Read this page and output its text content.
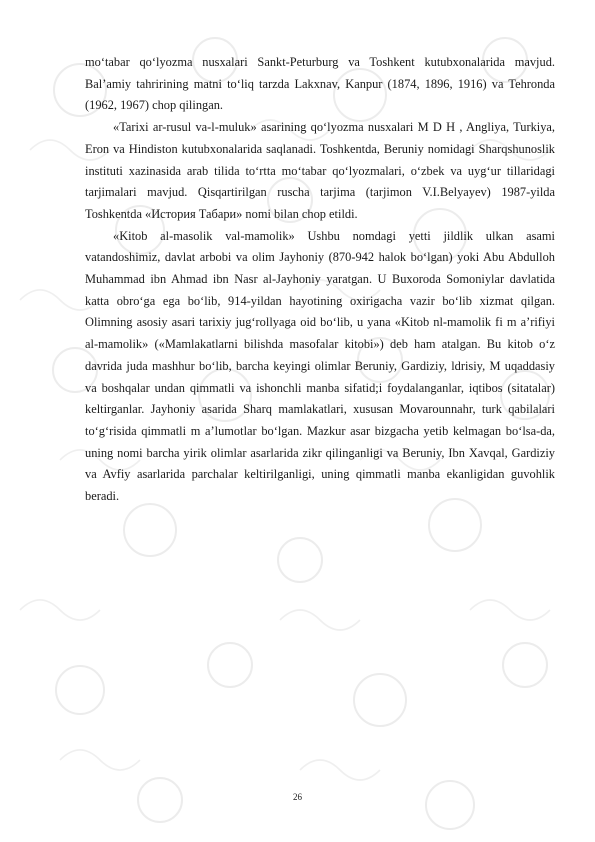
mo‘tabar qo‘lyozma nusxalari Sankt-Peturburg va Toshkent kutubxonalarida mavjud. Bal’amiy tahririning matni to‘liq tarzda Lakxnav, Kanpur (1874, 1896, 1916) va Tehronda (1962, 1967) chop qilingan.

«Tarixi ar-rusul va-l-muluk» asarining qo‘lyozma nusxalari M D H , Angliya, Turkiya, Eron va Hindiston kutubxonalarida saqlanadi. Toshkentda, Beruniy nomidagi Sharqshunoslik instituti xazinasida arab tilida to‘rtta mo‘tabar qo‘lyozmalari, o‘zbek va uyg‘ur tillaridagi tarjimalari mavjud. Qisqartirilgan ruscha tarjima (tarjimon V.I.Belyayev) 1987-yilda Toshkentda «История Табари» nomi bilan chop etildi.

«Kitob al-masolik val-mamolik» Ushbu nomdagi yetti jildlik ulkan asami vatandoshimiz, davlat arbobi va olim Jayhoniy (870-942 halok bo‘lgan) yoki Abu Abdulloh Muhammad ibn Ahmad ibn Nasr al-Jayhoniy yaratgan. U Buxoroda Somoniylar davlatida katta obro‘ga ega bo‘lib, 914-yildan hayotining oxirigacha vazir bo‘lib xizmat qilgan. Olimning asosiy asari tarixiy jug‘rollyaga oid bo‘lib, u yana «Kitob nl-mamolik fi m a’rifiyi al-mamolik» («Mamlakatlarni bilishda masofalar kitobi») deb ham atalgan. Bu kitob o‘z davrida juda mashhur bo‘lib, barcha keyingi olimlar Beruniy, Gardiziy, ldrisiy, M uqaddasiy va boshqalar undan qimmatli va ishonchli manba sifatid;i foydalanganlar, iqtibos (sitatalar) keltirganlar. Jayhoniy asarida Sharq mamlakatlari, xususan Movarounnahr, turk qabilalari to‘g‘risida qimmatli m a’lumotlar bo‘lgan. Mazkur asar bizgacha yetib kelmagan bo‘lsa-da, uning nomi barcha yirik olimlar asarlarida zikr qilinganligi va Beruniy, Ibn Xavqal, Gardiziy va Avfiy asarlarida parchalar keltirilganligi, uning qimmatli manba ekanligidan guvohlik beradi.

26
